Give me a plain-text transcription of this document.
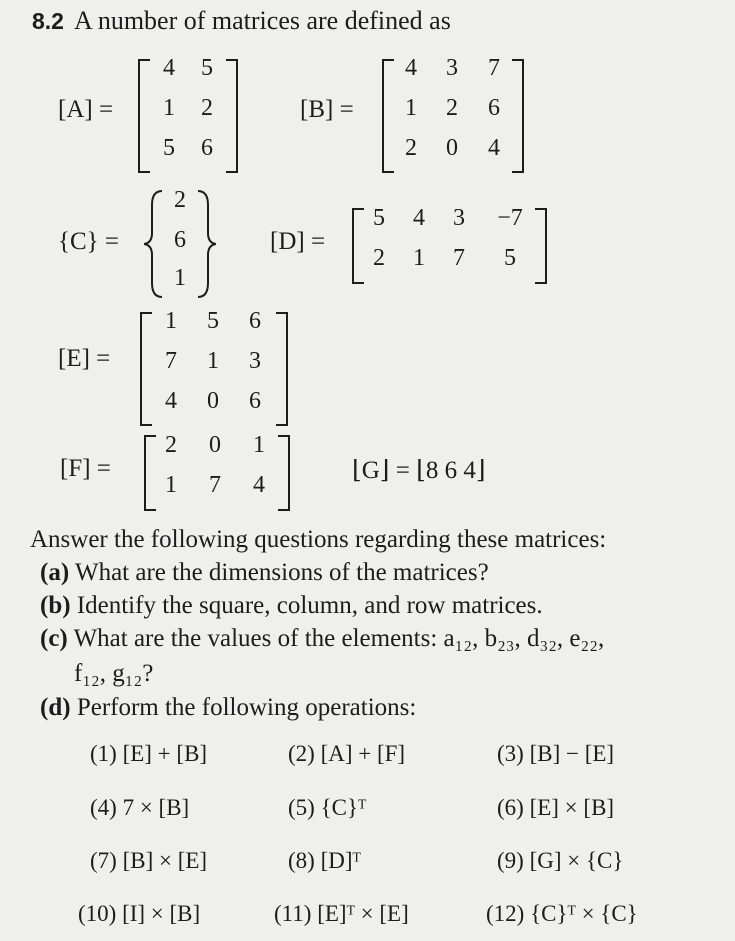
8.2 A number of matrices are defined as
[A] =
4	5
1	2
5	6
[B] =
4	3	7
1	2	6
2	0	4
{C} =
2
6
1
[D] =
5	4	3	−7
2	1	7	5
[E] =
1	5	6
7	1	3
4	0	6
[F] =
2	0	1
1	7	4
⌊G⌋ = ⌊8 6 4⌋
Answer the following questions regarding these matrices:
(a) What are the dimensions of the matrices?
(b) Identify the square, column, and row matrices.
(c) What are the values of the elements: a₁₂, b₂₃, d₃₂, e₂₂,
f₁₂, g₁₂?
(d) Perform the following operations:
(1) [E] + [B]	(2) [A] + [F]	(3) [B] − [E]
(4) 7 × [B]	(5) {C}ᵀ	(6) [E] × [B]
(7) [B] × [E]	(8) [D]ᵀ	(9) [G] × {C}
(10) [I] × [B]	(11) [E]ᵀ × [E]	(12) {C}ᵀ × {C}
